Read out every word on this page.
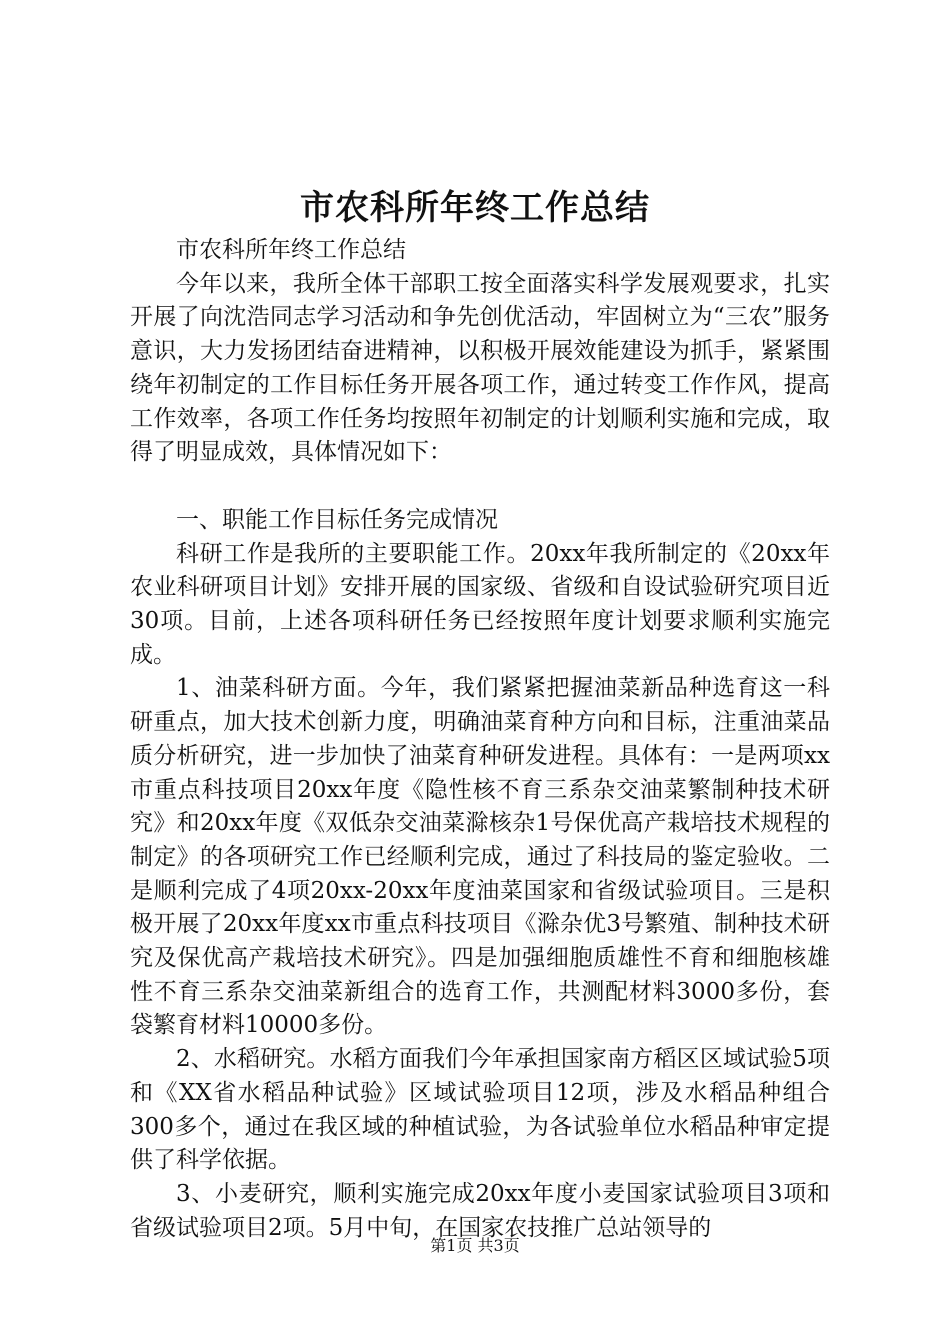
市农科所年终工作总结

市农科所年终工作总结

今年以来，我所全体干部职工按全面落实科学发展观要求，扎实开展了向沈浩同志学习活动和争先创优活动，牢固树立为“三农”服务意识，大力发扬团结奋进精神，以积极开展效能建设为抓手，紧紧围绕年初制定的工作目标任务开展各项工作，通过转变工作作风，提高工作效率，各项工作任务均按照年初制定的计划顺利实施和完成，取得了明显成效，具体情况如下：

一、职能工作目标任务完成情况

科研工作是我所的主要职能工作。20xx年我所制定的《20xx年农业科研项目计划》安排开展的国家级、省级和自设试验研究项目近30项。目前，上述各项科研任务已经按照年度计划要求顺利实施完成。

1、油菜科研方面。今年，我们紧紧把握油菜新品种选育这一科研重点，加大技术创新力度，明确油菜育种方向和目标，注重油菜品质分析研究，进一步加快了油菜育种研发进程。具体有：一是两项xx市重点科技项目20xx年度《隐性核不育三系杂交油菜繁制种技术研究》和20xx年度《双低杂交油菜滁核杂1号保优高产栽培技术规程的制定》的各项研究工作已经顺利完成，通过了科技局的鉴定验收。二是顺利完成了4项20xx-20xx年度油菜国家和省级试验项目。三是积极开展了20xx年度xx市重点科技项目《滁杂优3号繁殖、制种技术研究及保优高产栽培技术研究》。四是加强细胞质雄性不育和细胞核雄性不育三系杂交油菜新组合的选育工作，共测配材料3000多份，套袋繁育材料10000多份。

2、水稻研究。水稻方面我们今年承担国家南方稻区区域试验5项和《XX省水稻品种试验》区域试验项目12项，涉及水稻品种组合300多个，通过在我区域的种植试验，为各试验单位水稻品种审定提供了科学依据。

3、小麦研究，顺利实施完成20xx年度小麦国家试验项目3项和省级试验项目2项。5月中旬，在国家农技推广总站领导的

第1页 共3页
